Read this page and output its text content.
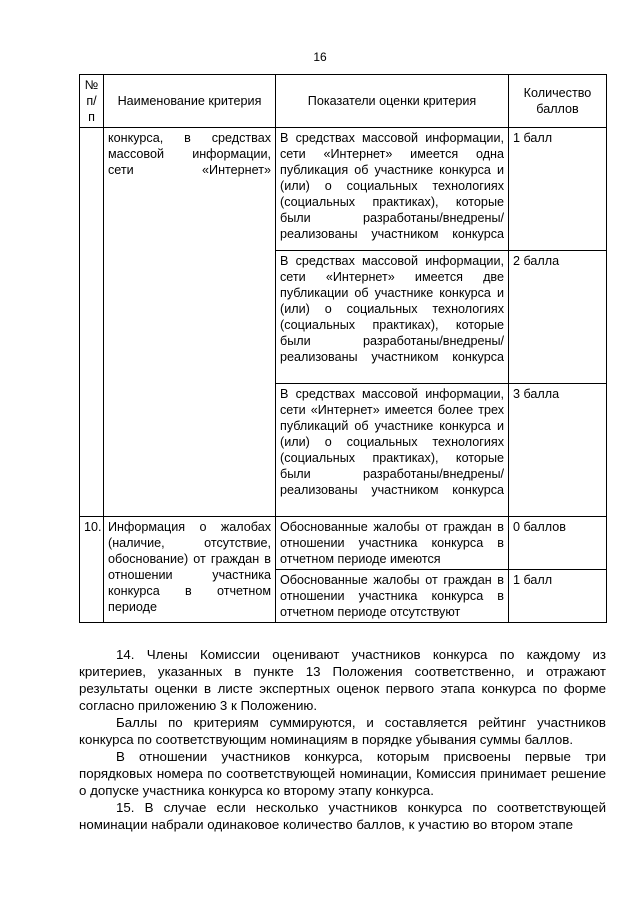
16
№ п/п	Наименование критерия	Показатели оценки критерия	Количество баллов
	конкурса, в средствах массовой информации, сети «Интернет»	В средствах массовой информации, сети «Интернет» имеется одна публикация об участнике конкурса и (или) о социальных технологиях (социальных практиках), которые были разработаны/внедрены/ реализованы участником конкурса	1 балл
		В средствах массовой информации, сети «Интернет» имеется две публикации об участнике конкурса и (или) о социальных технологиях (социальных практиках), которые были разработаны/внедрены/ реализованы участником конкурса	2 балла
		В средствах массовой информации, сети «Интернет» имеется более трех публикаций об участнике конкурса и (или) о социальных технологиях (социальных практиках), которые были разработаны/внедрены/ реализованы участником конкурса	3 балла
10.	Информация о жалобах (наличие, отсутствие, обоснование) от граждан в отношении участника конкурса в отчетном периоде	Обоснованные жалобы от граждан в отношении участника конкурса в отчетном периоде имеются	0 баллов
		Обоснованные жалобы от граждан в отношении участника конкурса в отчетном периоде отсутствуют	1 балл

14. Члены Комиссии оценивают участников конкурса по каждому из критериев, указанных в пункте 13 Положения соответственно, и отражают результаты оценки в листе экспертных оценок первого этапа конкурса по форме согласно приложению 3 к Положению.

Баллы по критериям суммируются, и составляется рейтинг участников конкурса по соответствующим номинациям в порядке убывания суммы баллов.

В отношении участников конкурса, которым присвоены первые три порядковых номера по соответствующей номинации, Комиссия принимает решение о допуске участника конкурса ко второму этапу конкурса.

15. В случае если несколько участников конкурса по соответствующей номинации набрали одинаковое количество баллов, к участию во втором этапе
